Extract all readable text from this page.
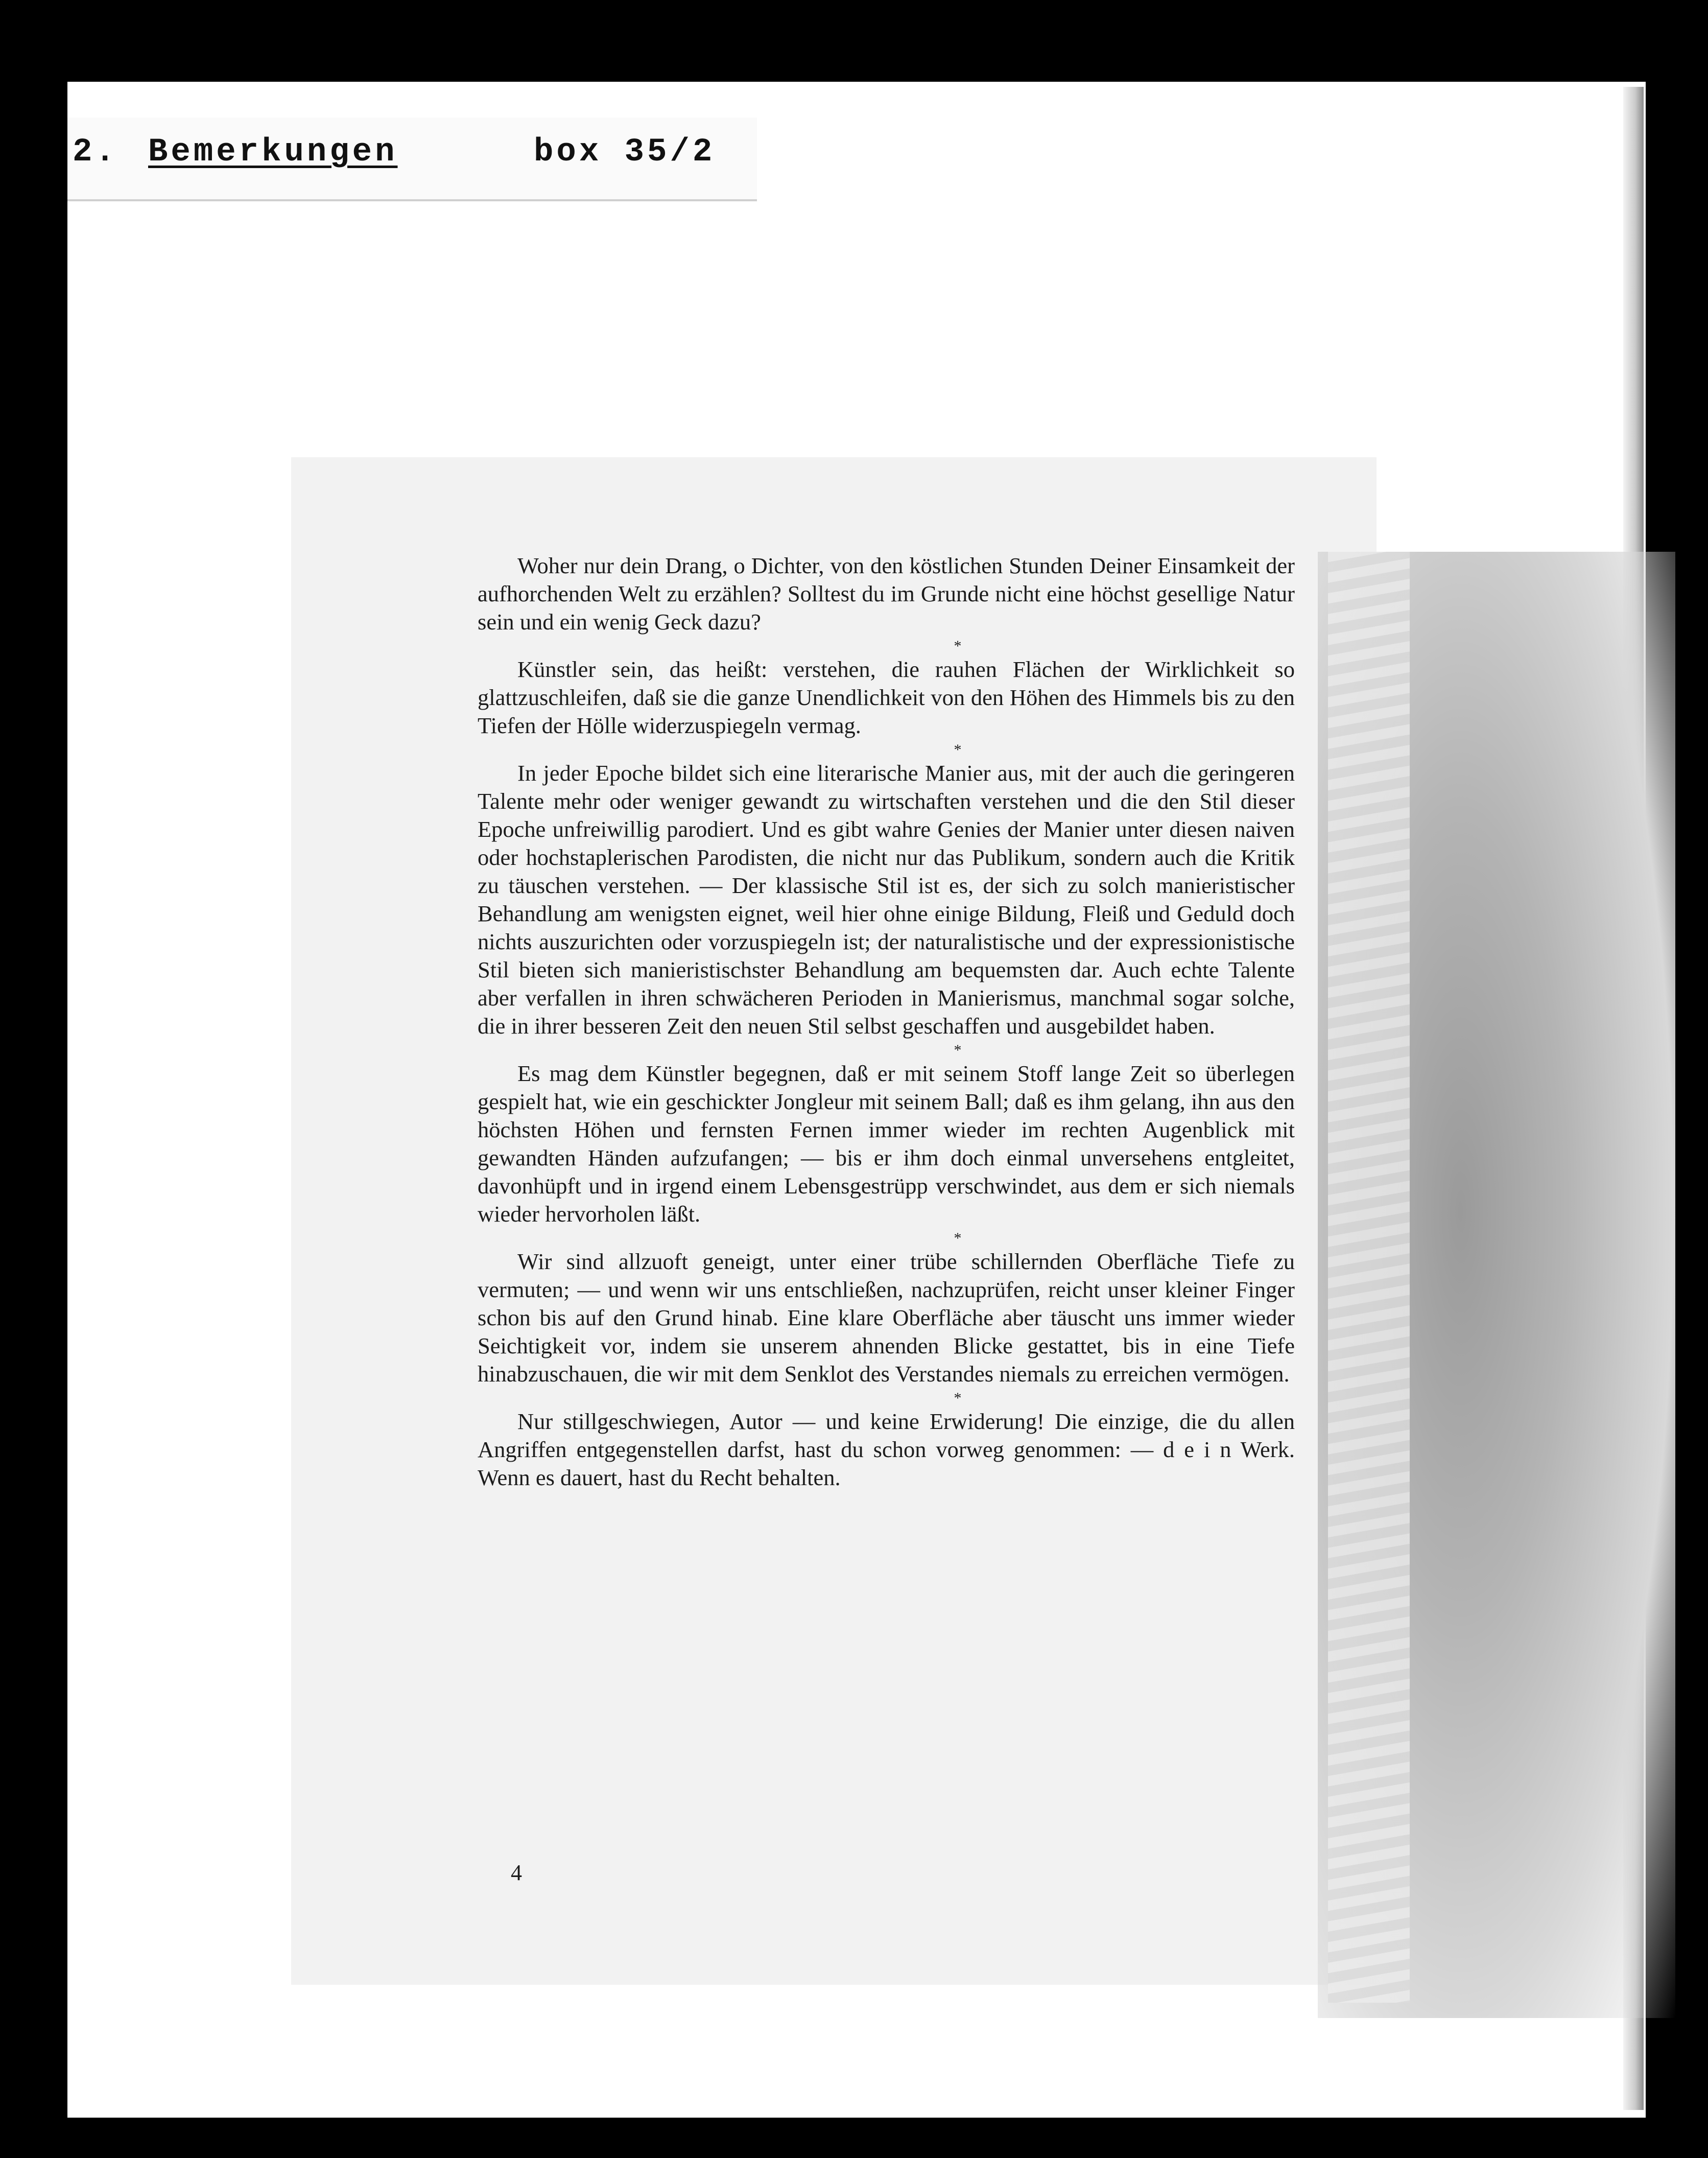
2. Bemerkungen	box 35/2

Woher nur dein Drang, o Dichter, von den köstlichen Stunden Deiner Einsamkeit der aufhorchenden Welt zu erzählen? Solltest du im Grunde nicht eine höchst gesellige Natur sein und ein wenig Geck dazu?

*

Künstler sein, das heißt: verstehen, die rauhen Flächen der Wirklichkeit so glattzuschleifen, daß sie die ganze Unendlichkeit von den Höhen des Himmels bis zu den Tiefen der Hölle widerzuspiegeln vermag.

*

In jeder Epoche bildet sich eine literarische Manier aus, mit der auch die geringeren Talente mehr oder weniger gewandt zu wirtschaften verstehen und die den Stil dieser Epoche unfreiwillig parodiert. Und es gibt wahre Genies der Manier unter diesen naiven oder hochstaplerischen Parodisten, die nicht nur das Publikum, sondern auch die Kritik zu täuschen verstehen. — Der klassische Stil ist es, der sich zu solch manieristischer Behandlung am wenigsten eignet, weil hier ohne einige Bildung, Fleiß und Geduld doch nichts auszurichten oder vorzuspiegeln ist; der naturalistische und der expressionistische Stil bieten sich manieristischster Behandlung am bequemsten dar. Auch echte Talente aber verfallen in ihren schwächeren Perioden in Manierismus, manchmal sogar solche, die in ihrer besseren Zeit den neuen Stil selbst geschaffen und ausgebildet haben.

*

Es mag dem Künstler begegnen, daß er mit seinem Stoff lange Zeit so überlegen gespielt hat, wie ein geschickter Jongleur mit seinem Ball; daß es ihm gelang, ihn aus den höchsten Höhen und fernsten Fernen immer wieder im rechten Augenblick mit gewandten Händen aufzufangen; — bis er ihm doch einmal unversehens entgleitet, davonhüpft und in irgend einem Lebensgestrüpp verschwindet, aus dem er sich niemals wieder hervorholen läßt.

*

Wir sind allzuoft geneigt, unter einer trübe schillernden Oberfläche Tiefe zu vermuten; — und wenn wir uns entschließen, nachzuprüfen, reicht unser kleiner Finger schon bis auf den Grund hinab. Eine klare Oberfläche aber täuscht uns immer wieder Seichtigkeit vor, indem sie unserem ahnenden Blicke gestattet, bis in eine Tiefe hinabzuschauen, die wir mit dem Senklot des Verstandes niemals zu erreichen vermögen.

*

Nur stillgeschwiegen, Autor — und keine Erwiderung! Die einzige, die du allen Angriffen entgegenstellen darfst, hast du schon vorweg genommen: — d e i n Werk. Wenn es dauert, hast du Recht behalten.

4
